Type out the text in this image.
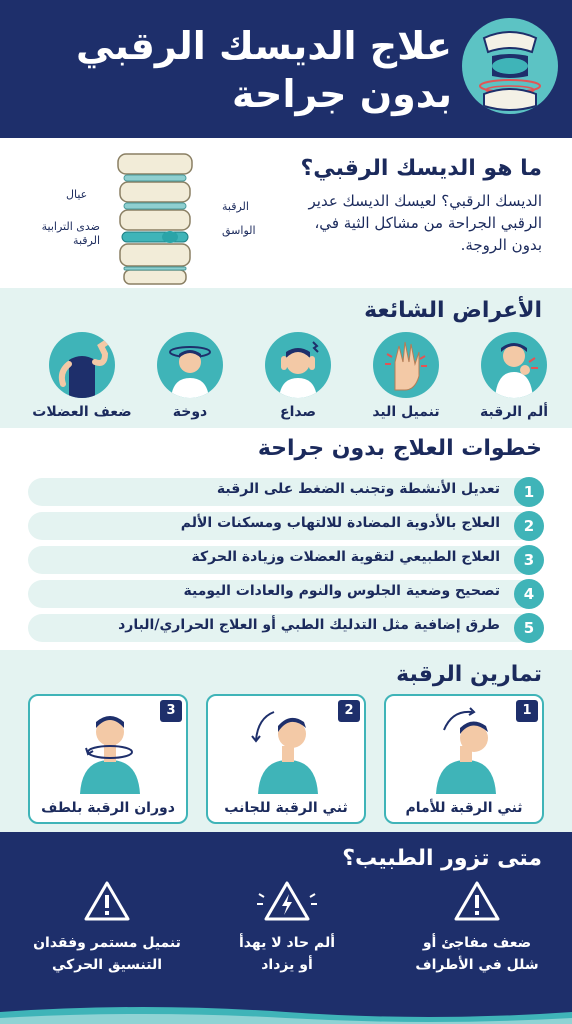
علاج الديسك الرقبي
بدون جراحة
ما هو الديسك الرقبي؟
الديسك الرقبي؟ لعيسك الديسك عدير الرقبي الجراحة من مشاكل الثية في، بدون الروجة.
عيال
ضدى الترابية الرقبة
الرقبة
الواسق
الأعراض الشائعة
ألم الرقبة
تنميل اليد
صداع
دوخة
ضعف العضلات
خطوات العلاج بدون جراحة
1
تعديل الأنشطة وتجنب الضغط على الرقبة
2
العلاج بالأدوية المضادة للالتهاب ومسكنات الألم
3
العلاج الطبيعي لتقوية العضلات وزيادة الحركة
4
تصحيح وضعية الجلوس والنوم والعادات اليومية
5
طرق إضافية مثل التدليك الطبي أو العلاج الحراري/البارد
تمارين الرقبة
1
ثني الرقبة للأمام
2
ثني الرقبة للجانب
3
دوران الرقبة بلطف
متى تزور الطبيب؟
ضعف مفاجئ أو
شلل في الأطراف
ألم حاد لا يهدأ
أو يزداد
تنميل مستمر وفقدان
التنسيق الحركي
